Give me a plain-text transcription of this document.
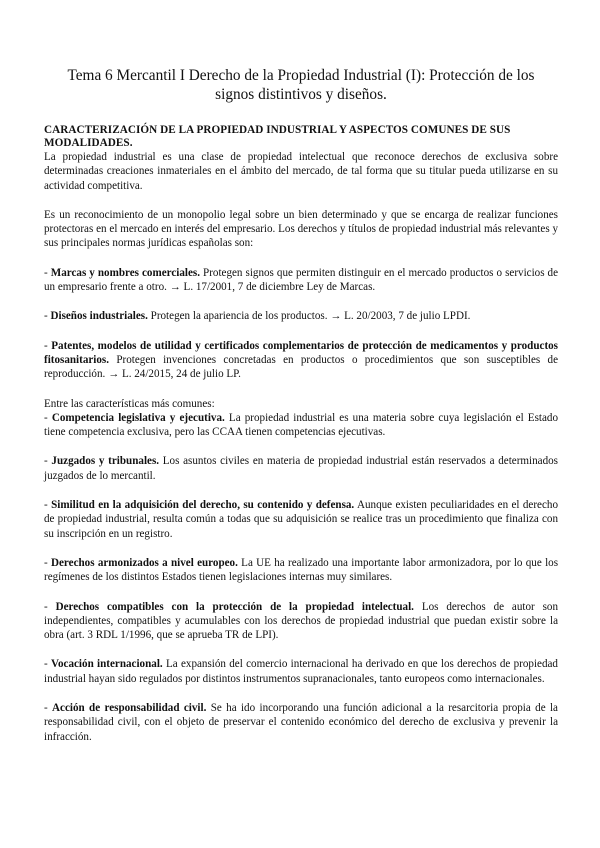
Tema 6 Mercantil I Derecho de la Propiedad Industrial (I): Protección de los signos distintivos y diseños.
CARACTERIZACIÓN DE LA PROPIEDAD INDUSTRIAL Y ASPECTOS COMUNES DE SUS MODALIDADES.

La propiedad industrial es una clase de propiedad intelectual que reconoce derechos de exclusiva sobre determinadas creaciones inmateriales en el ámbito del mercado, de tal forma que su titular pueda utilizarse en su actividad competitiva.

Es un reconocimiento de un monopolio legal sobre un bien determinado y que se encarga de realizar funciones protectoras en el mercado en interés del empresario. Los derechos y títulos de propiedad industrial más relevantes y sus principales normas jurídicas españolas son:

- Marcas y nombres comerciales. Protegen signos que permiten distinguir en el mercado productos o servicios de un empresario frente a otro. → L. 17/2001, 7 de diciembre Ley de Marcas.

- Diseños industriales. Protegen la apariencia de los productos. → L. 20/2003, 7 de julio LPDI.

- Patentes, modelos de utilidad y certificados complementarios de protección de medicamentos y productos fitosanitarios. Protegen invenciones concretadas en productos o procedimientos que son susceptibles de reproducción. → L. 24/2015, 24 de julio LP.

Entre las características más comunes:

- Competencia legislativa y ejecutiva. La propiedad industrial es una materia sobre cuya legislación el Estado tiene competencia exclusiva, pero las CCAA tienen competencias ejecutivas.

- Juzgados y tribunales. Los asuntos civiles en materia de propiedad industrial están reservados a determinados juzgados de lo mercantil.

- Similitud en la adquisición del derecho, su contenido y defensa. Aunque existen peculiaridades en el derecho de propiedad industrial, resulta común a todas que su adquisición se realice tras un procedimiento que finaliza con su inscripción en un registro.

- Derechos armonizados a nivel europeo. La UE ha realizado una importante labor armonizadora, por lo que los regímenes de los distintos Estados tienen legislaciones internas muy similares.

- Derechos compatibles con la protección de la propiedad intelectual. Los derechos de autor son independientes, compatibles y acumulables con los derechos de propiedad industrial que puedan existir sobre la obra (art. 3 RDL 1/1996, que se aprueba TR de LPI).

- Vocación internacional. La expansión del comercio internacional ha derivado en que los derechos de propiedad industrial hayan sido regulados por distintos instrumentos supranacionales, tanto europeos como internacionales.

- Acción de responsabilidad civil. Se ha ido incorporando una función adicional a la resarcitoria propia de la responsabilidad civil, con el objeto de preservar el contenido económico del derecho de exclusiva y prevenir la infracción.
